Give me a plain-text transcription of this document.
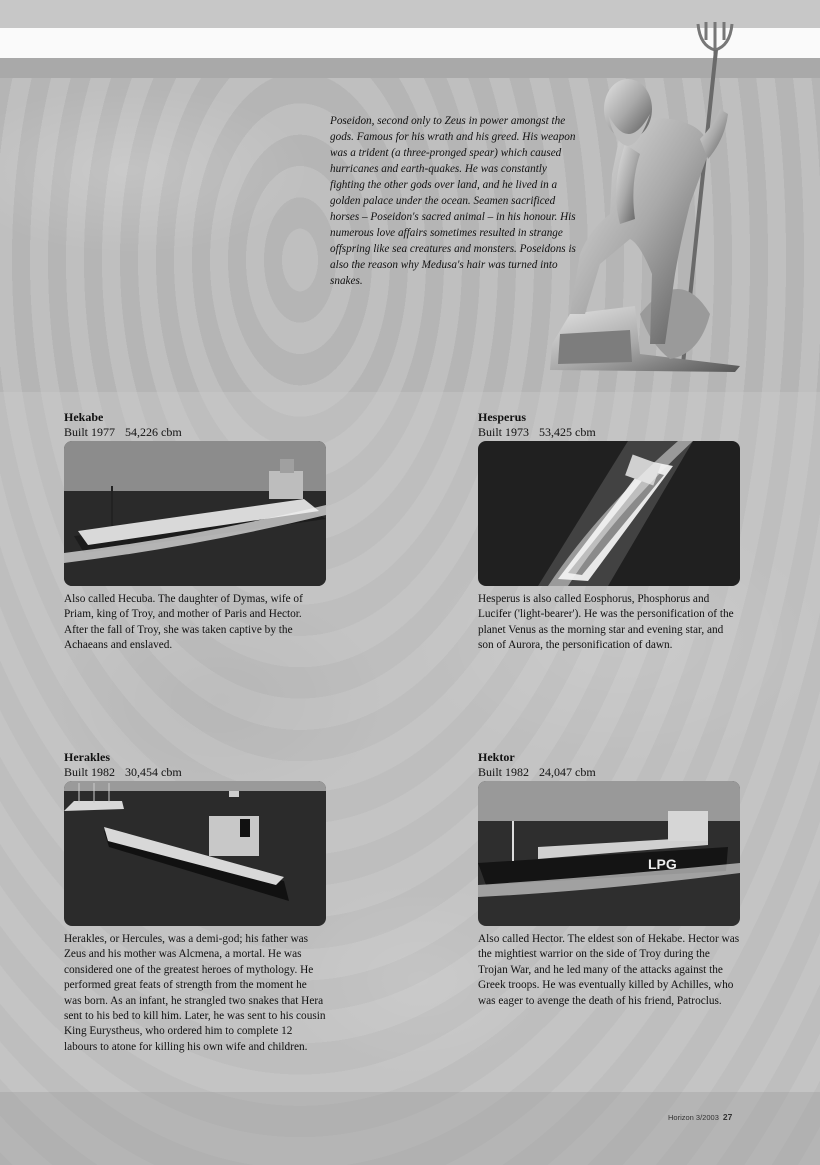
Poseidon, second only to Zeus in power amongst the gods. Famous for his wrath and his greed. His weapon was a trident (a three-pronged spear) which caused hurricanes and earth-quakes. He was constantly fighting the other gods over land, and he lived in a golden palace under the ocean. Seamen sacrificed horses – Poseidon's sacred animal – in his honour. His numerous love affairs sometimes resulted in strange offspring like sea creatures and monsters. Poseidons is also the reason why Medusa's hair was turned into snakes.
Hekabe
Built 1977 54,226 cbm
Also called Hecuba. The daughter of Dymas, wife of Priam, king of Troy, and mother of Paris and Hector. After the fall of Troy, she was taken captive by the Achaeans and enslaved.
Hesperus
Built 1973 53,425 cbm
Hesperus is also called Eosphorus, Phosphorus and Lucifer ('light-bearer'). He was the personification of the planet Venus as the morning star and evening star, and son of Aurora, the personification of dawn.
Herakles
Built 1982 30,454 cbm
Herakles, or Hercules, was a demi-god; his father was Zeus and his mother was Alcmena, a mortal. He was considered one of the greatest heroes of mythology. He performed great feats of strength from the moment he was born. As an infant, he strangled two snakes that Hera sent to his bed to kill him. Later, he was sent to his cousin King Eurystheus, who ordered him to complete 12 labours to atone for killing his own wife and children.
Hektor
Built 1982 24,047 cbm
LPG
Also called Hector. The eldest son of Hekabe. Hector was the mightiest warrior on the side of Troy during the Trojan War, and he led many of the attacks against the Greek troops. He was eventually killed by Achilles, who was eager to avenge the death of his friend, Patroclus.
Horizon 3/2003 27
